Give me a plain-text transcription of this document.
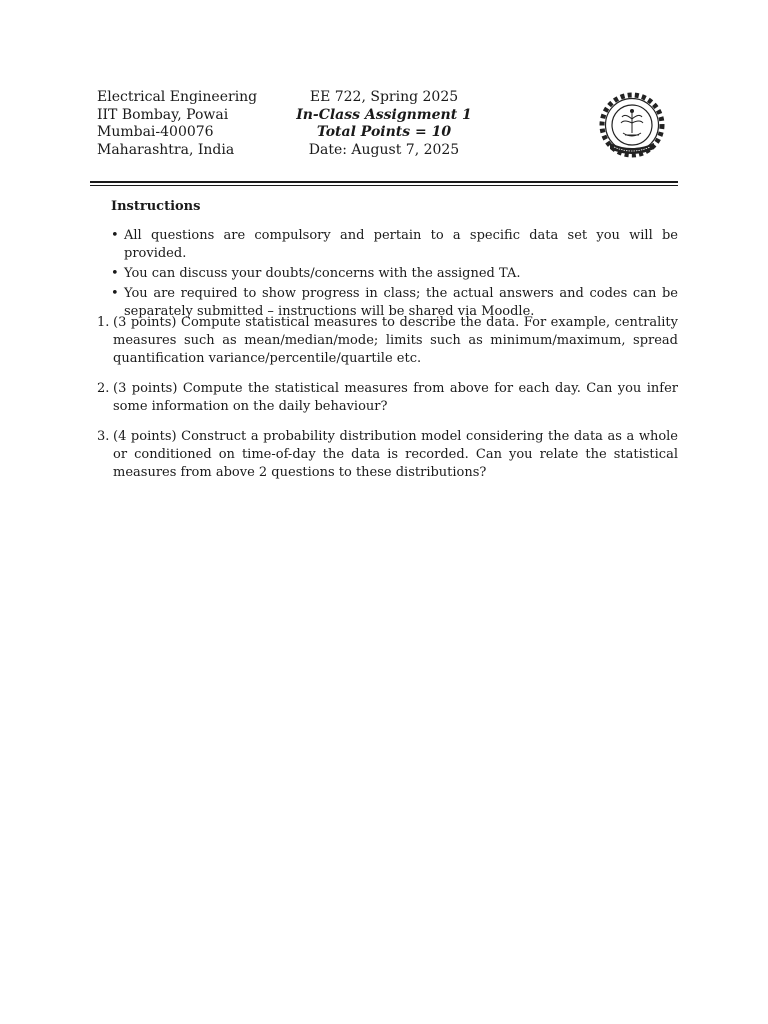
Electrical Engineering
IIT Bombay, Powai
Mumbai-400076
Maharashtra, India
EE 722, Spring 2025
In-Class Assignment 1
Total Points = 10
Date: August 7, 2025
Instructions
• All questions are compulsory and pertain to a specific data set you will be provided.
• You can discuss your doubts/concerns with the assigned TA.
• You are required to show progress in class; the actual answers and codes can be separately submitted – instructions will be shared via Moodle.
1. (3 points) Compute statistical measures to describe the data. For example, centrality measures such as mean/median/mode; limits such as minimum/maximum, spread quantification variance/percentile/quartile etc.
2. (3 points) Compute the statistical measures from above for each day. Can you infer some information on the daily behaviour?
3. (4 points) Construct a probability distribution model considering the data as a whole or conditioned on time-of-day the data is recorded. Can you relate the statistical measures from above 2 questions to these distributions?
